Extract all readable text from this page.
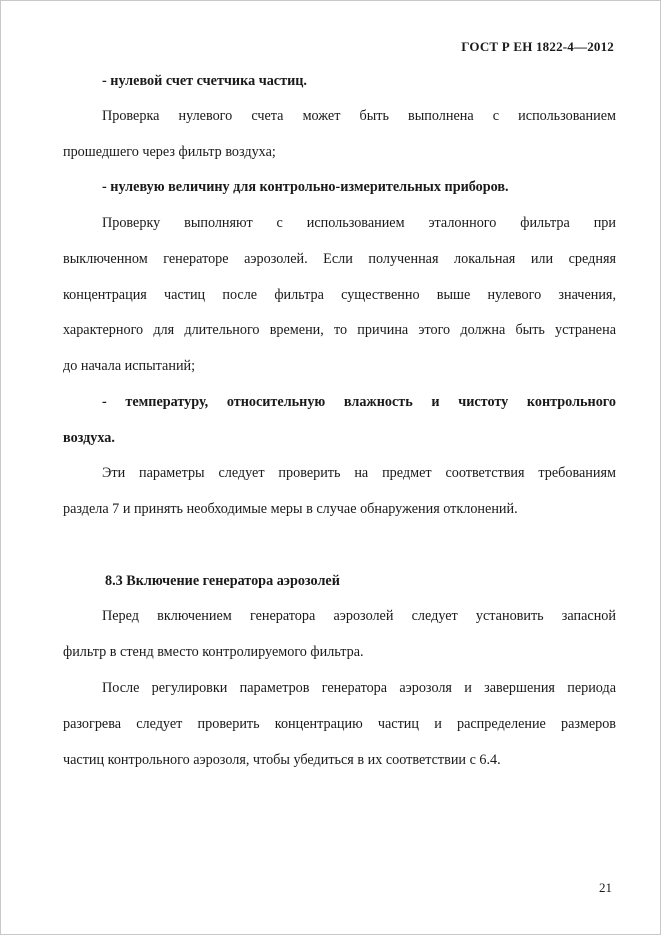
ГОСТ Р ЕН 1822-4—2012
- нулевой счет счетчика частиц.
Проверка нулевого счета может быть выполнена с использованием
прошедшего через фильтр воздуха;
- нулевую величину для контрольно-измерительных приборов.
Проверку выполняют с использованием эталонного фильтра при
выключенном генераторе аэрозолей. Если полученная локальная или средняя
концентрация частиц после фильтра существенно выше нулевого значения,
характерного для длительного времени, то причина этого должна быть устранена
до начала испытаний;
- температуру, относительную влажность и чистоту контрольного
воздуха.
Эти параметры следует проверить на предмет соответствия требованиям
раздела 7 и принять необходимые меры в случае обнаружения отклонений.
8.3 Включение генератора аэрозолей
Перед включением генератора аэрозолей следует установить запасной
фильтр в стенд вместо контролируемого фильтра.
После регулировки параметров генератора аэрозоля и завершения периода
разогрева следует проверить концентрацию частиц и распределение размеров
частиц контрольного аэрозоля, чтобы убедиться в их соответствии с 6.4.
21
